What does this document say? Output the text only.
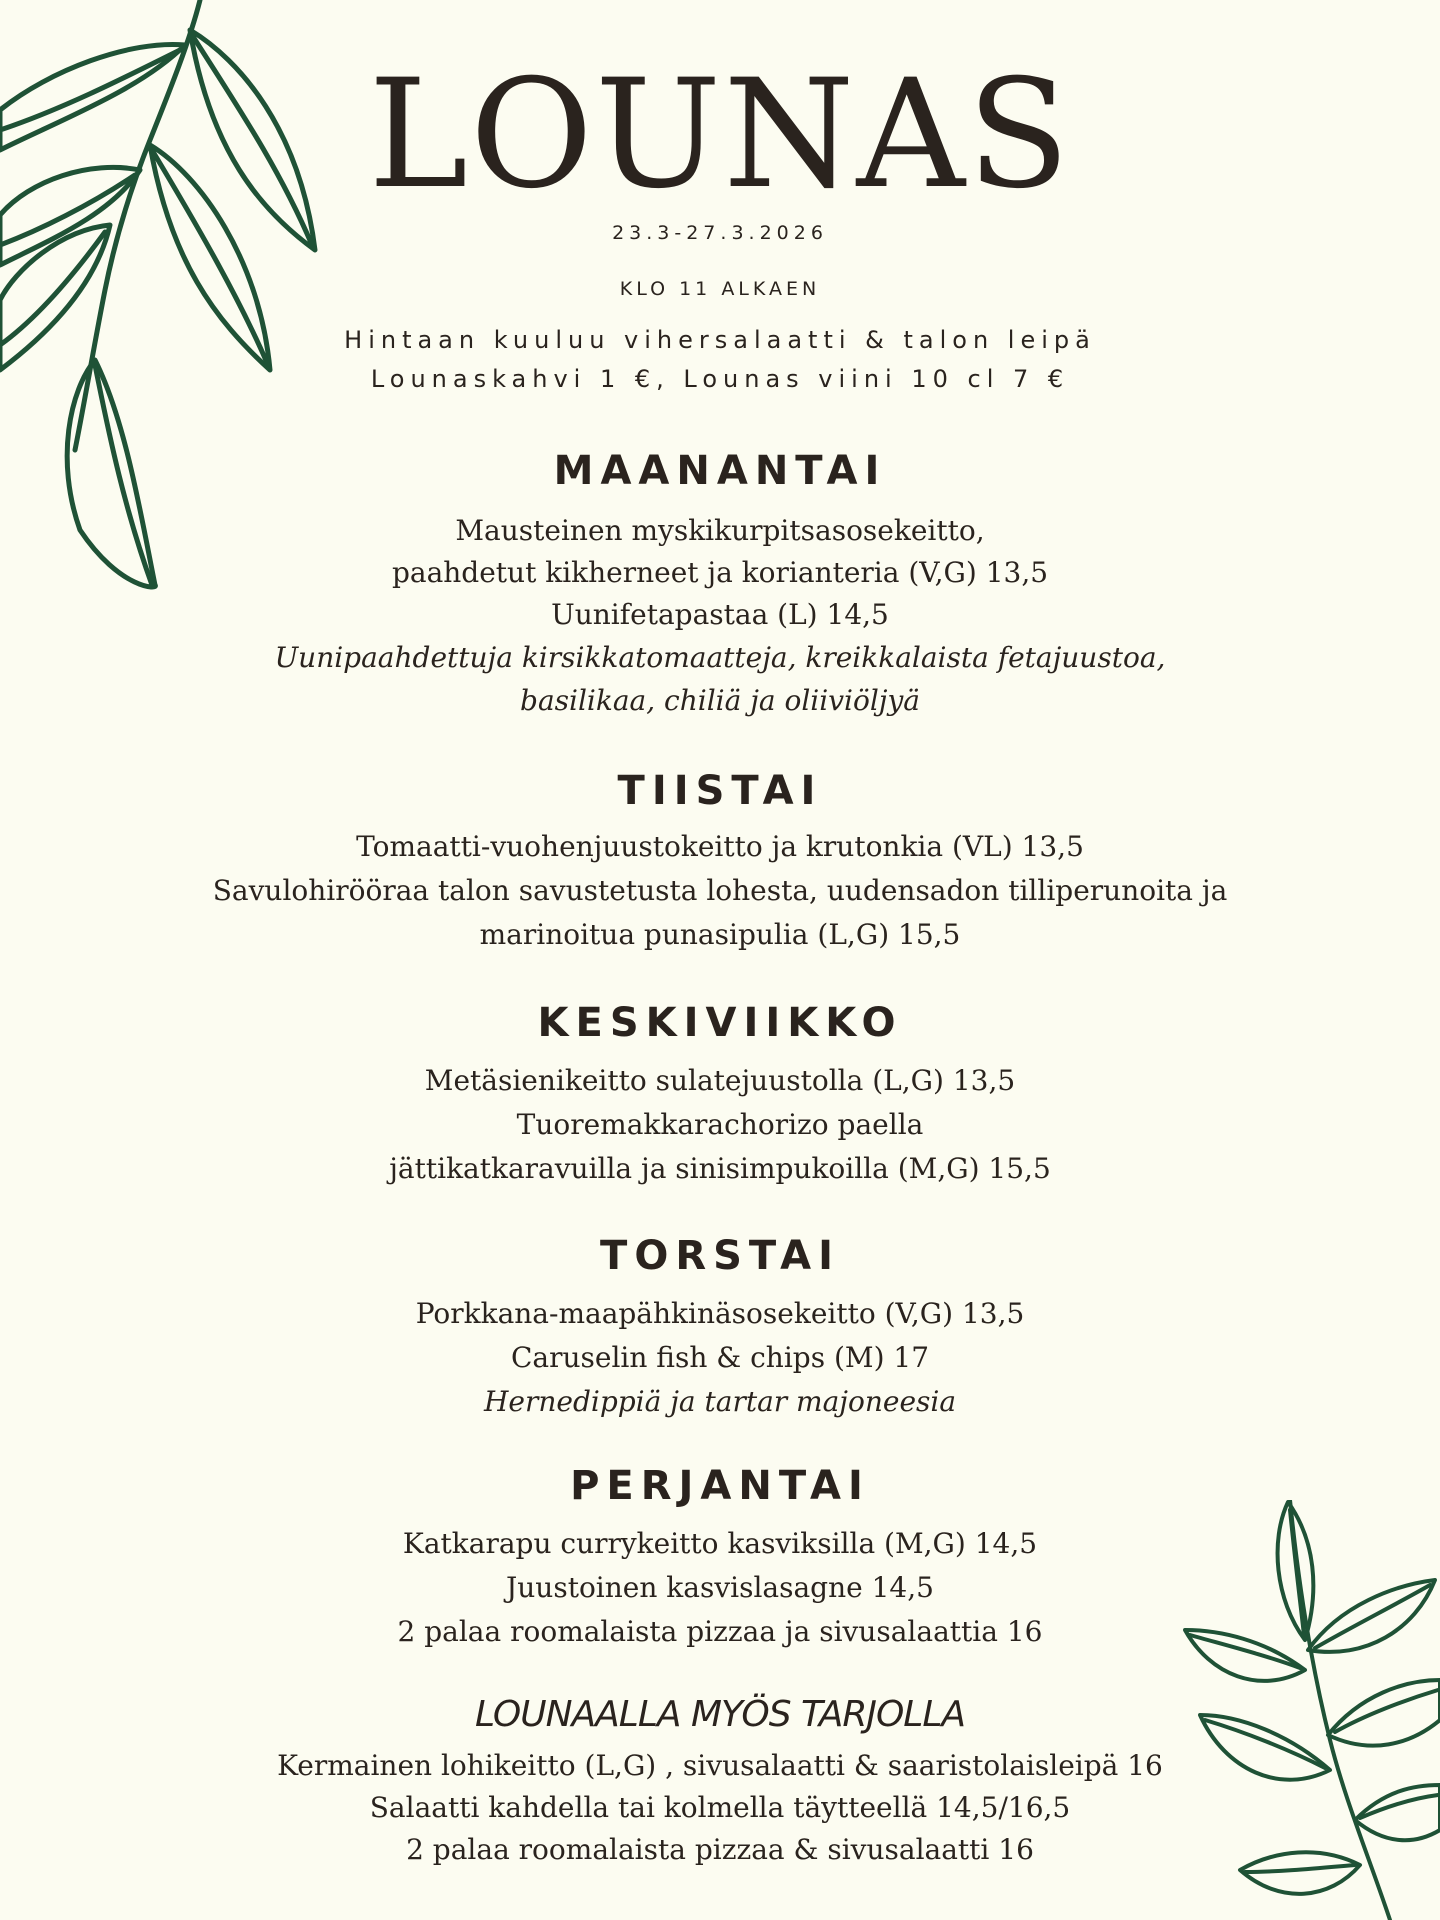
LOUNAS
23.3-27.3.2026
KLO 11 ALKAEN
Hintaan kuuluu vihersalaatti & talon leipä
Lounaskahvi 1 €, Lounas viini 10 cl 7 €
MAANANTAI
Mausteinen myskikurpitsasosekeitto,
paahdetut kikherneet ja korianteria (V,G) 13,5
Uunifetapastaa (L) 14,5
Uunipaahdettuja kirsikkatomaatteja, kreikkalaista fetajuustoa,
basilikaa, chiliä ja oliiviöljyä
TIISTAI
Tomaatti-vuohenjuustokeitto ja krutonkia (VL) 13,5
Savulohirööraa talon savustetusta lohesta, uudensadon tilliperunoita ja
marinoitua punasipulia (L,G) 15,5
KESKIVIIKKO
Metäsienikeitto sulatejuustolla (L,G) 13,5
Tuoremakkarachorizo paella
jättikatkaravuilla ja sinisimpukoilla (M,G) 15,5
TORSTAI
Porkkana-maapähkinäsosekeitto (V,G) 13,5
Caruselin fish & chips (M) 17
Hernedippiä ja tartar majoneesia
PERJANTAI
Katkarapu currykeitto kasviksilla (M,G) 14,5
Juustoinen kasvislasagne 14,5
2 palaa roomalaista pizzaa ja sivusalaattia 16
LOUNAALLA MYÖS TARJOLLA
Kermainen lohikeitto (L,G) , sivusalaatti & saaristolaisleipä 16
Salaatti kahdella tai kolmella täytteellä 14,5/16,5
2 palaa roomalaista pizzaa & sivusalaatti 16
